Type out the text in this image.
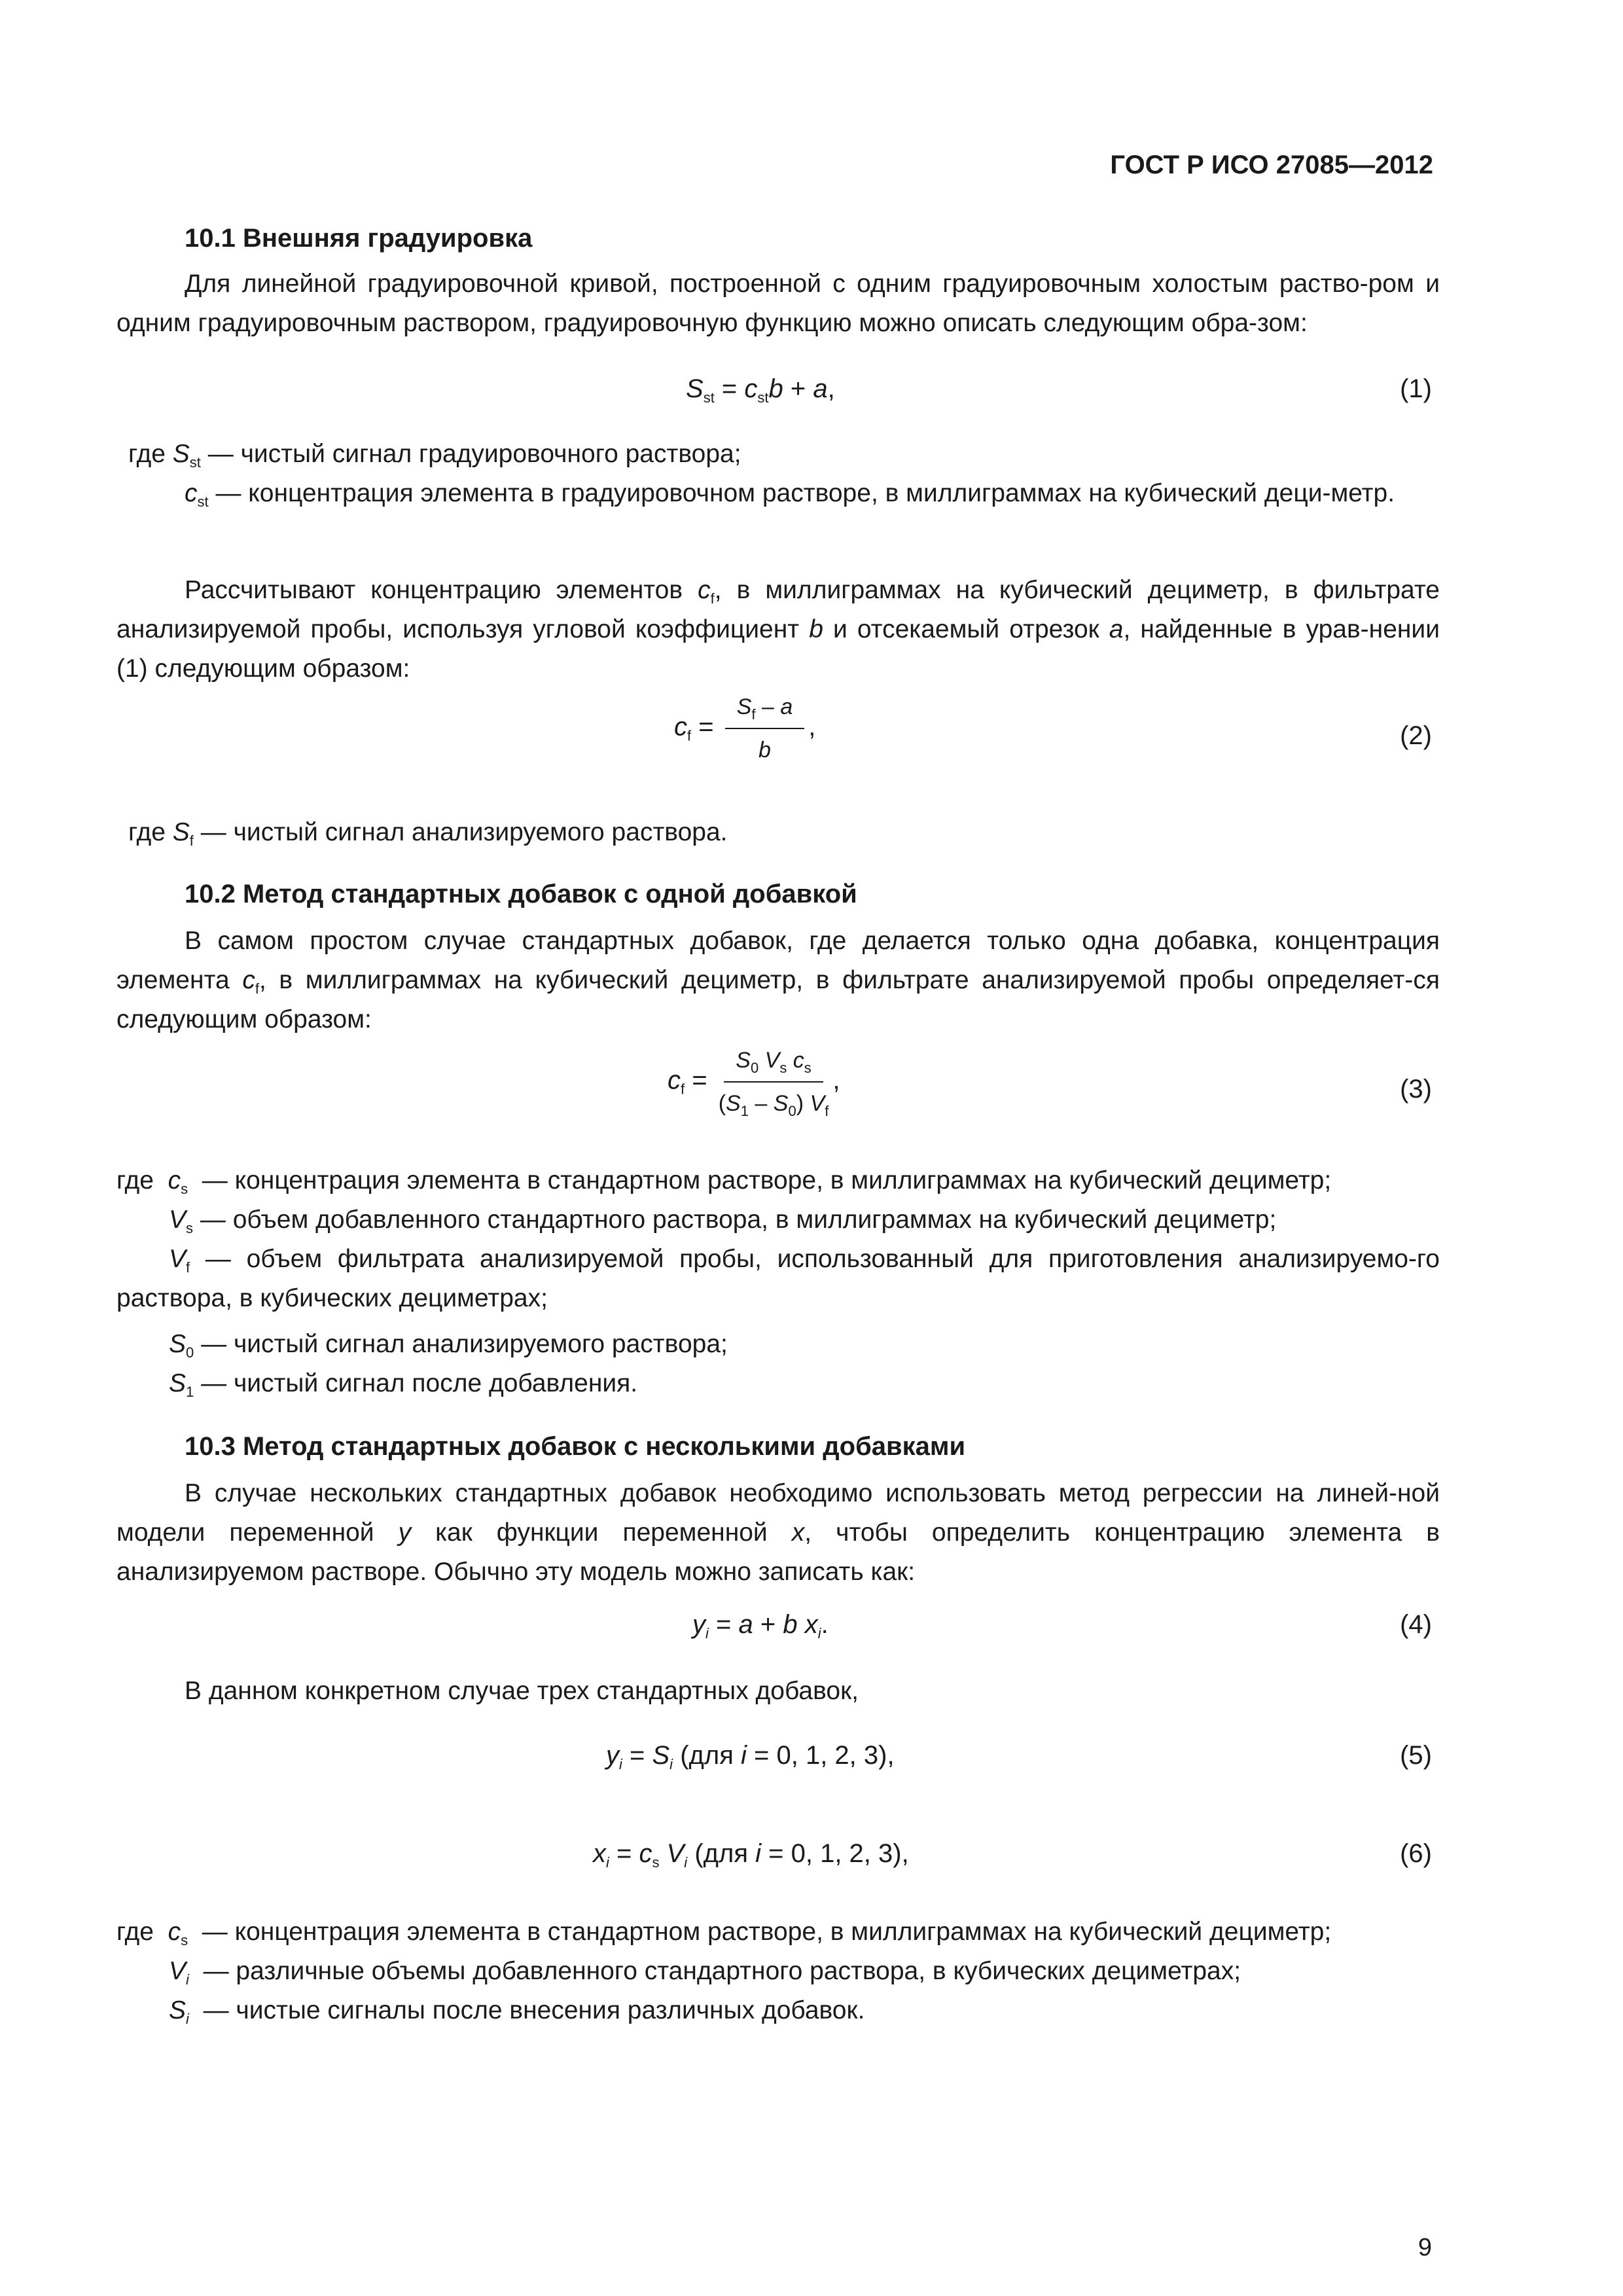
ГОСТ Р ИСО 27085—2012
10.1 Внешняя градуировка
Для линейной градуировочной кривой, построенной с одним градуировочным холостым раство-ром и одним градуировочным раствором, градуировочную функцию можно описать следующим обра-зом:
$S_{st} = c_{st}b + a$,	(1)
где $S_{st}$ — чистый сигнал градуировочного раствора;
$c_{st}$ — концентрация элемента в градуировочном растворе, в миллиграммах на кубический деци-метр.
Рассчитывают концентрацию элементов $c_f$, в миллиграммах на кубический дециметр, в фильтрате анализируемой пробы, используя угловой коэффициент b и отсекаемый отрезок a, найденные в урав-нении (1) следующим образом:
$c_f = \frac{S_f - a}{b}$ ,	(2)
где $S_f$ — чистый сигнал анализируемого раствора.
10.2 Метод стандартных добавок с одной добавкой
В самом простом случае стандартных добавок, где делается только одна добавка, концентрация элемента $c_f$, в миллиграммах на кубический дециметр, в фильтрате анализируемой пробы определяет-ся следующим образом:
$c_f = \frac{S_0 V_s c_s}{(S_1 - S_0) V_f}$ ,	(3)
где $c_s$ — концентрация элемента в стандартном растворе, в миллиграммах на кубический дециметр;
$V_s$ — объем добавленного стандартного раствора, в миллиграммах на кубический дециметр;
$V_f$ — объем фильтрата анализируемой пробы, использованный для приготовления анализируемо-го раствора, в кубических дециметрах;
$S_0$ — чистый сигнал анализируемого раствора;
$S_1$ — чистый сигнал после добавления.
10.3 Метод стандартных добавок с несколькими добавками
В случае нескольких стандартных добавок необходимо использовать метод регрессии на линей-ной модели переменной y как функции переменной x, чтобы определить концентрацию элемента в анализируемом растворе. Обычно эту модель можно записать как:
$y_i = a + b$ $x_i$.	(4)
В данном конкретном случае трех стандартных добавок,
$y_i = S_i$ (для i = 0, 1, 2, 3),	(5)
$x_i = c_s$ $V_i$ (для i = 0, 1, 2, 3),	(6)
где $c_s$ — концентрация элемента в стандартном растворе, в миллиграммах на кубический дециметр;
$V_i$ — различные объемы добавленного стандартного раствора, в кубических дециметрах;
$S_i$ — чистые сигналы после внесения различных добавок.
9
